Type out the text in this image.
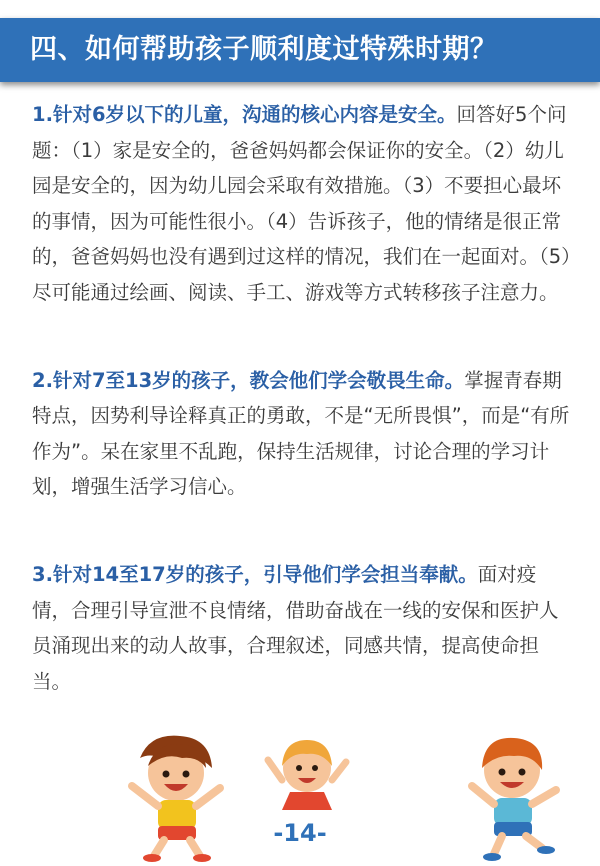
四、如何帮助孩子顺利度过特殊时期？

1.针对6岁以下的儿童，沟通的核心内容是安全。回答好5个问题：（1）家是安全的，爸爸妈妈都会保证你的安全。（2）幼儿园是安全的，因为幼儿园会采取有效措施。（3）不要担心最坏的事情，因为可能性很小。（4）告诉孩子，他的情绪是很正常的，爸爸妈妈也没有遇到过这样的情况，我们在一起面对。（5）尽可能通过绘画、阅读、手工、游戏等方式转移孩子注意力。

2.针对7至13岁的孩子，教会他们学会敬畏生命。掌握青春期特点，因势利导诠释真正的勇敢，不是“无所畏惧”，而是“有所作为”。呆在家里不乱跑，保持生活规律，讨论合理的学习计划，增强生活学习信心。

3.针对14至17岁的孩子，引导他们学会担当奉献。面对疫情，合理引导宣泄不良情绪，借助奋战在一线的安保和医护人员涌现出来的动人故事，合理叙述，同感共情，提高使命担当。

-14-
